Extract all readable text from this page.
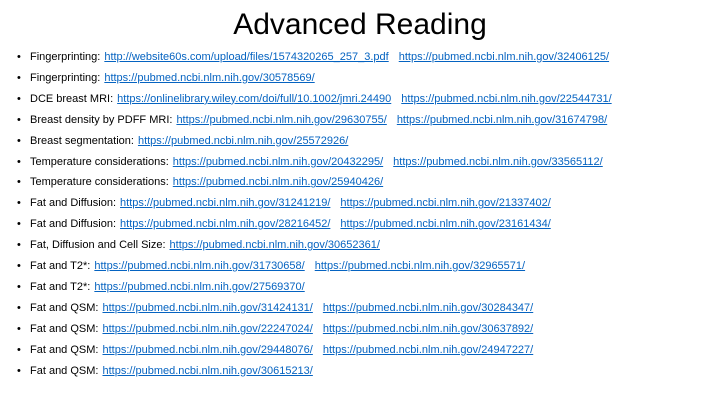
Advanced Reading
• Fingerprinting: http://website60s.com/upload/files/1574320265_257_3.pdf https://pubmed.ncbi.nlm.nih.gov/32406125/
• Fingerprinting: https://pubmed.ncbi.nlm.nih.gov/30578569/
• DCE breast MRI: https://onlinelibrary.wiley.com/doi/full/10.1002/jmri.24490 https://pubmed.ncbi.nlm.nih.gov/22544731/
• Breast density by PDFF MRI: https://pubmed.ncbi.nlm.nih.gov/29630755/ https://pubmed.ncbi.nlm.nih.gov/31674798/
• Breast segmentation: https://pubmed.ncbi.nlm.nih.gov/25572926/
• Temperature considerations: https://pubmed.ncbi.nlm.nih.gov/20432295/ https://pubmed.ncbi.nlm.nih.gov/33565112/
• Temperature considerations: https://pubmed.ncbi.nlm.nih.gov/25940426/
• Fat and Diffusion: https://pubmed.ncbi.nlm.nih.gov/31241219/ https://pubmed.ncbi.nlm.nih.gov/21337402/
• Fat and Diffusion: https://pubmed.ncbi.nlm.nih.gov/28216452/ https://pubmed.ncbi.nlm.nih.gov/23161434/
• Fat, Diffusion and Cell Size: https://pubmed.ncbi.nlm.nih.gov/30652361/
• Fat and T2*: https://pubmed.ncbi.nlm.nih.gov/31730658/ https://pubmed.ncbi.nlm.nih.gov/32965571/
• Fat and T2*: https://pubmed.ncbi.nlm.nih.gov/27569370/
• Fat and QSM: https://pubmed.ncbi.nlm.nih.gov/31424131/ https://pubmed.ncbi.nlm.nih.gov/30284347/
• Fat and QSM: https://pubmed.ncbi.nlm.nih.gov/22247024/ https://pubmed.ncbi.nlm.nih.gov/30637892/
• Fat and QSM: https://pubmed.ncbi.nlm.nih.gov/29448076/ https://pubmed.ncbi.nlm.nih.gov/24947227/
• Fat and QSM: https://pubmed.ncbi.nlm.nih.gov/30615213/
